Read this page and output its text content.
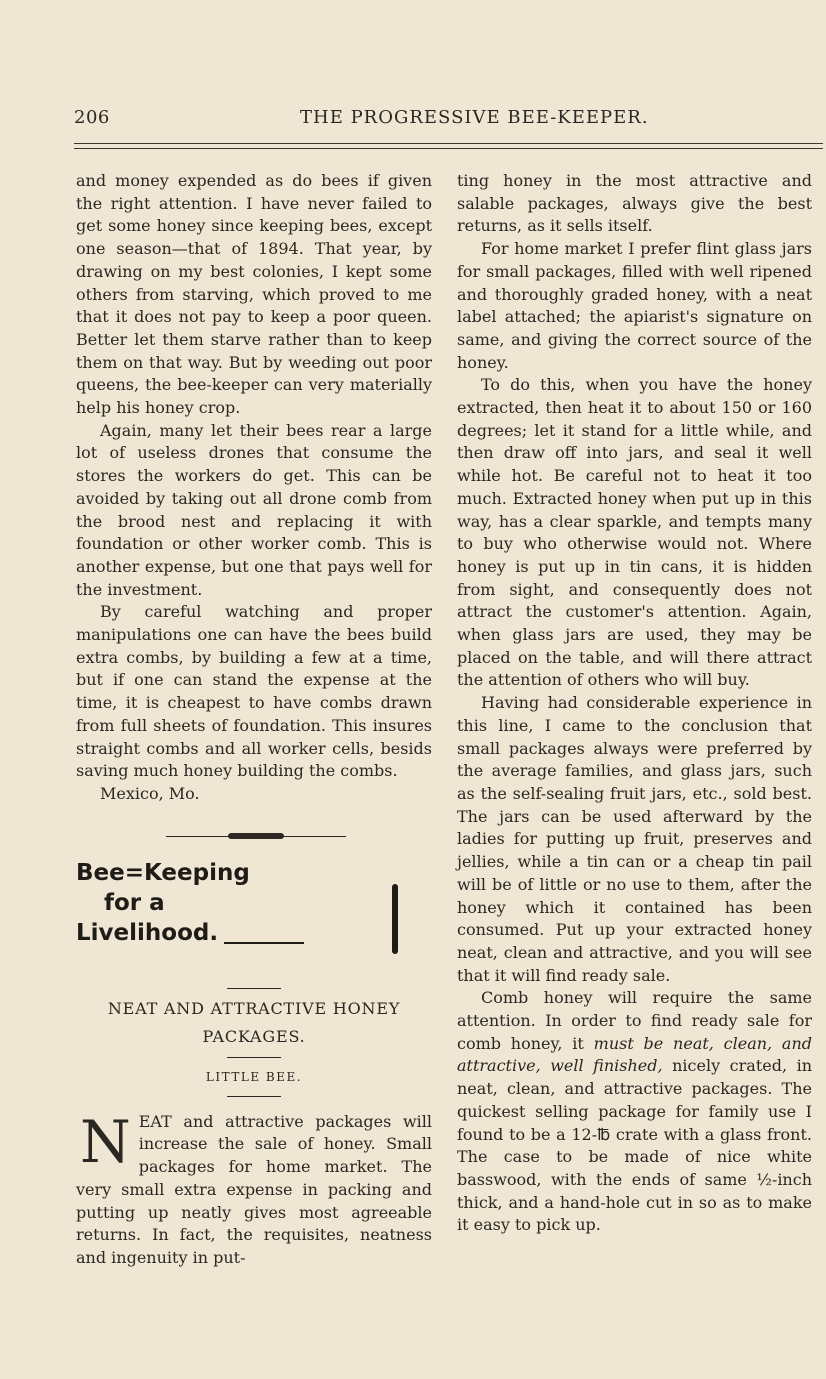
206	THE PROGRESSIVE BEE-KEEPER.

and money expended as do bees if given the right attention. I have never failed to get some honey since keeping bees, except one season—that of 1894. That year, by drawing on my best colonies, I kept some others from starving, which proved to me that it does not pay to keep a poor queen. Better let them starve rather than to keep them on that way. But by weeding out poor queens, the bee-keeper can very materially help his honey crop.

Again, many let their bees rear a large lot of useless drones that consume the stores the workers do get. This can be avoided by taking out all drone comb from the brood nest and replacing it with foundation or other worker comb. This is another expense, but one that pays well for the investment.

By careful watching and proper manipulations one can have the bees build extra combs, by building a few at a time, but if one can stand the expense at the time, it is cheapest to have combs drawn from full sheets of foundation. This insures straight combs and all worker cells, besids saving much honey building the combs.

Mexico, Mo.

Bee=Keeping
for a
Livelihood.
NEAT AND ATTRACTIVE HONEY PACKAGES.
LITTLE BEE.

NEAT and attractive packages will increase the sale of honey. Small packages for home market. The very small extra expense in packing and putting up neatly gives most agreeable returns. In fact, the requisites, neatness and ingenuity in put-

ting honey in the most attractive and salable packages, always give the best returns, as it sells itself.

For home market I prefer flint glass jars for small packages, filled with well ripened and thoroughly graded honey, with a neat label attached; the apiarist's signature on same, and giving the correct source of the honey.

To do this, when you have the honey extracted, then heat it to about 150 or 160 degrees; let it stand for a little while, and then draw off into jars, and seal it well while hot. Be careful not to heat it too much. Extracted honey when put up in this way, has a clear sparkle, and tempts many to buy who otherwise would not. Where honey is put up in tin cans, it is hidden from sight, and consequently does not attract the customer's attention. Again, when glass jars are used, they may be placed on the table, and will there attract the attention of others who will buy.

Having had considerable experience in this line, I came to the conclusion that small packages always were preferred by the average families, and glass jars, such as the self-sealing fruit jars, etc., sold best. The jars can be used afterward by the ladies for putting up fruit, preserves and jellies, while a tin can or a cheap tin pail will be of little or no use to them, after the honey which it contained has been consumed. Put up your extracted honey neat, clean and attractive, and you will see that it will find ready sale.

Comb honey will require the same attention. In order to find ready sale for comb honey, it must be neat, clean, and attractive, well finished, nicely crated, in neat, clean, and attractive packages. The quickest selling package for family use I found to be a 12-℔ crate with a glass front. The case to be made of nice white basswood, with the ends of same ½-inch thick, and a hand-hole cut in so as to make it easy to pick up.
